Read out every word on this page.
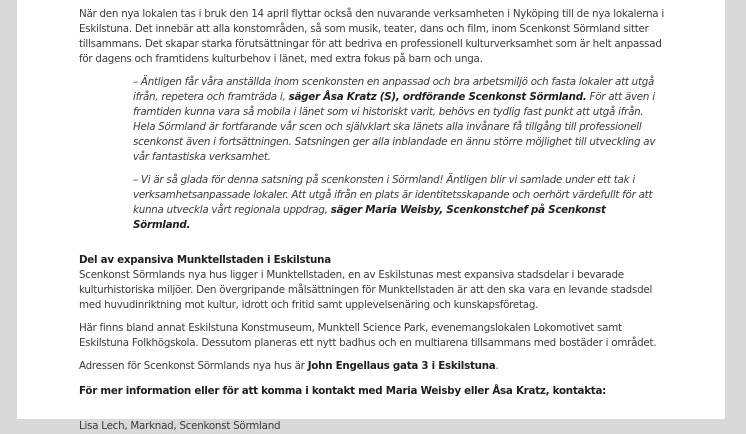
När den nya lokalen tas i bruk den 14 april flyttar också den nuvarande verksamheten i Nyköping till de nya lokalerna i Eskilstuna. Det innebär att alla konstområden, så som musik, teater, dans och film, inom Scenkonst Sörmland sitter tillsammans. Det skapar starka förutsättningar för att bedriva en professionell kulturverksamhet som är helt anpassad för dagens och framtidens kulturbehov i länet, med extra fokus på barn och unga.

– Äntligen får våra anställda inom scenkonsten en anpassad och bra arbetsmiljö och fasta lokaler att utgå ifrån, repetera och framträda i, säger Åsa Kratz (S), ordförande Scenkonst Sörmland. För att även i framtiden kunna vara så mobila i länet som vi historiskt varit, behövs en tydlig fast punkt att utgå ifrån. Hela Sörmland är fortfarande vår scen och självklart ska länets alla invånare få tillgång till professionell scenkonst även i fortsättningen. Satsningen ger alla inblandade en ännu större möjlighet till utveckling av vår fantastiska verksamhet.

– Vi är så glada för denna satsning på scenkonsten i Sörmland! Äntligen blir vi samlade under ett tak i verksamhetsanpassade lokaler. Att utgå ifrån en plats är identitetsskapande och oerhört värdefullt för att kunna utveckla vårt regionala uppdrag, säger Maria Weisby, Scenkonstchef på Scenkonst Sörmland.

Del av expansiva Munktellstaden i Eskilstuna

Scenkonst Sörmlands nya hus ligger i Munktellstaden, en av Eskilstunas mest expansiva stadsdelar i bevarade kulturhistoriska miljöer. Den övergripande målsättningen för Munktellstaden är att den ska vara en levande stadsdel med huvudinriktning mot kultur, idrott och fritid samt upplevelsenäring och kunskapsföretag.

Här finns bland annat Eskilstuna Konstmuseum, Munktell Science Park, evenemangslokalen Lokomotivet samt Eskilstuna Folkhögskola. Dessutom planeras ett nytt badhus och en multiarena tillsammans med bostäder i området.

Adressen för Scenkonst Sörmlands nya hus är John Engellaus gata 3 i Eskilstuna.

För mer information eller för att komma i kontakt med Maria Weisby eller Åsa Kratz, kontakta:

Lisa Lech, Marknad, Scenkonst Sörmland
